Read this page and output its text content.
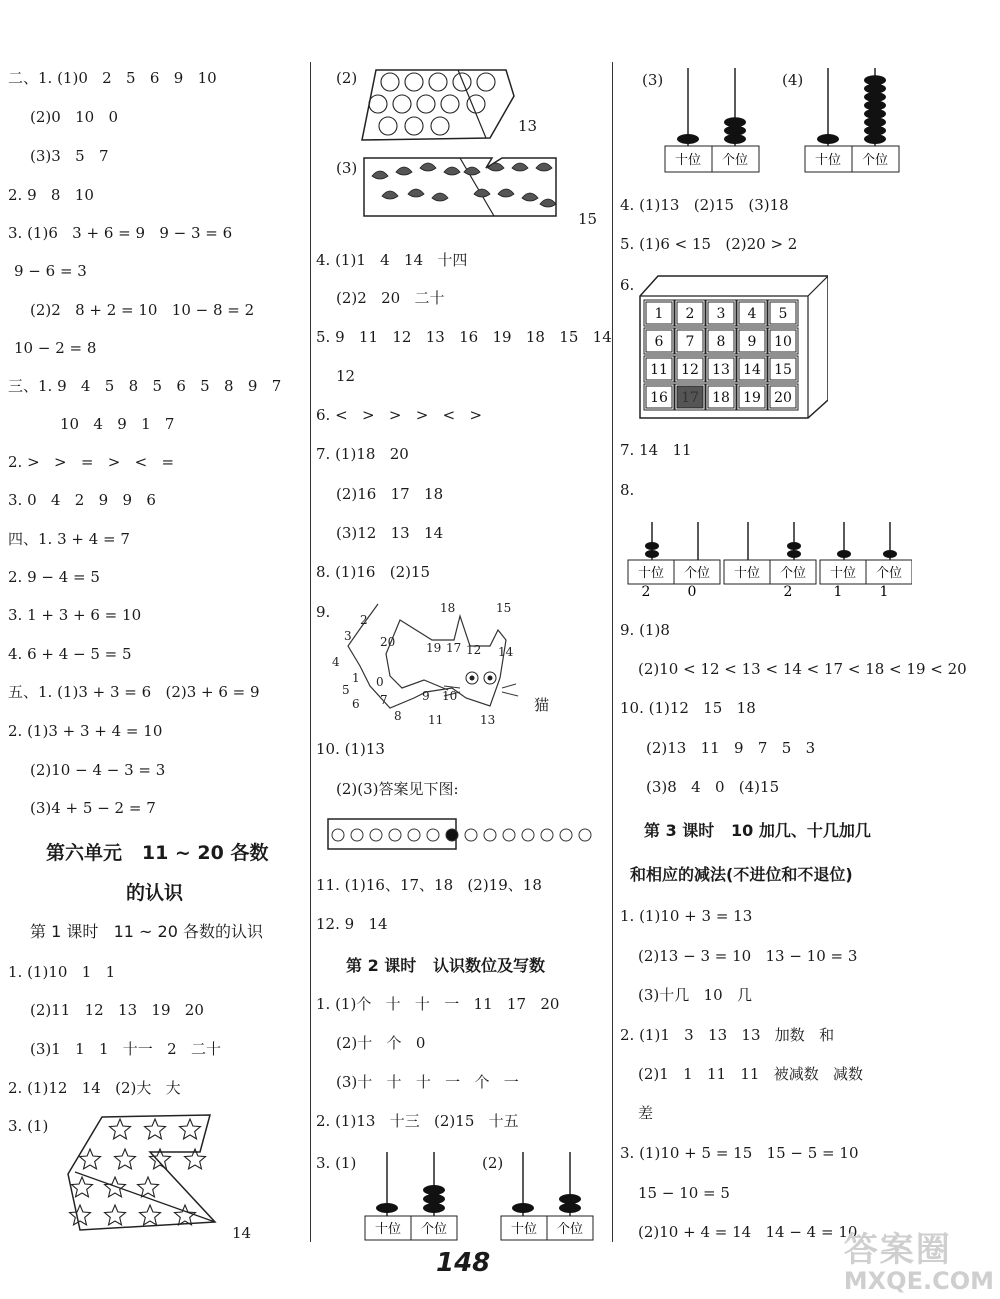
二、1. (1)0   2   5   6   9   10
(2)0   10   0
(3)3   5   7
2. 9   8   10
3. (1)6   3 + 6 = 9   9 − 3 = 6
9 − 6 = 3
(2)2   8 + 2 = 10   10 − 8 = 2
10 − 2 = 8
三、1. 9   4   5   8   5   6   5   8   9   7
10   4   9   1   7
2. >   >   =   >   <   =
3. 0   4   2   9   9   6
四、1. 3 + 4 = 7
2. 9 − 4 = 5
3. 1 + 3 + 6 = 10
4. 6 + 4 − 5 = 5
五、1. (1)3 + 3 = 6   (2)3 + 6 = 9
2. (1)3 + 3 + 4 = 10
(2)10 − 4 − 3 = 3
(3)4 + 5 − 2 = 7
第六单元   11 ~ 20 各数
的认识
第 1 课时   11 ~ 20 各数的认识
1. (1)10   1   1
(2)11   12   13   19   20
(3)1   1   1   十一   2   二十
2. (1)12   14   (2)大   大
3. (1)
14
(2)
13
(3)
15
4. (1)1   4   14   十四
(2)2   20   二十
5. 9   11   12   13   16   19   18   15   14
12
6. <   >   >   >   <   >
7. (1)18   20
(2)16   17   18
(3)12   13   14
8. (1)16   (2)15
9.	18	15
3
2
19 17	14
20
4
1 0
6
5
7	9 10
12
8 11	13
猫
10. (1)13
(2)(3)答案见下图:
11. (1)16、17、18   (2)19、18
12. 9   14
第 2 课时   认识数位及写数
1. (1)个   十   十   一   11   17   20
(2)十   个   0
(3)十   十   十   一   个   一
2. (1)13   十三   (2)15   十五
3. (1)	(2)
十位 个位	十位 个位
(3)	(4)
十位 个位	十位 个位
4. (1)13   (2)15   (3)18
5. (1)6 < 15   (2)20 > 2
6.
1 2 3 4 5
6 7 8 9 10
11 12 13 14 15
16 17 18 19 20
7. 14   11
8.
十位 个位 十位 个位 十位 个位
2	0	2	1	1
9. (1)8
(2)10 < 12 < 13 < 14 < 17 < 18 < 19 < 20
10. (1)12   15   18
(2)13   11   9   7   5   3
(3)8   4   0   (4)15
第 3 课时   10 加几、十几加几
和相应的减法(不进位和不退位)
1. (1)10 + 3 = 13
(2)13 − 3 = 10   13 − 10 = 3
(3)十几   10   几
2. (1)1   3   13   13   加数   和
(2)1   1   11   11   被减数   减数
差
3. (1)10 + 5 = 15   15 − 5 = 10
15 − 10 = 5
(2)10 + 4 = 14   14 − 4 = 10
148	答案圈
MXQE.COM
